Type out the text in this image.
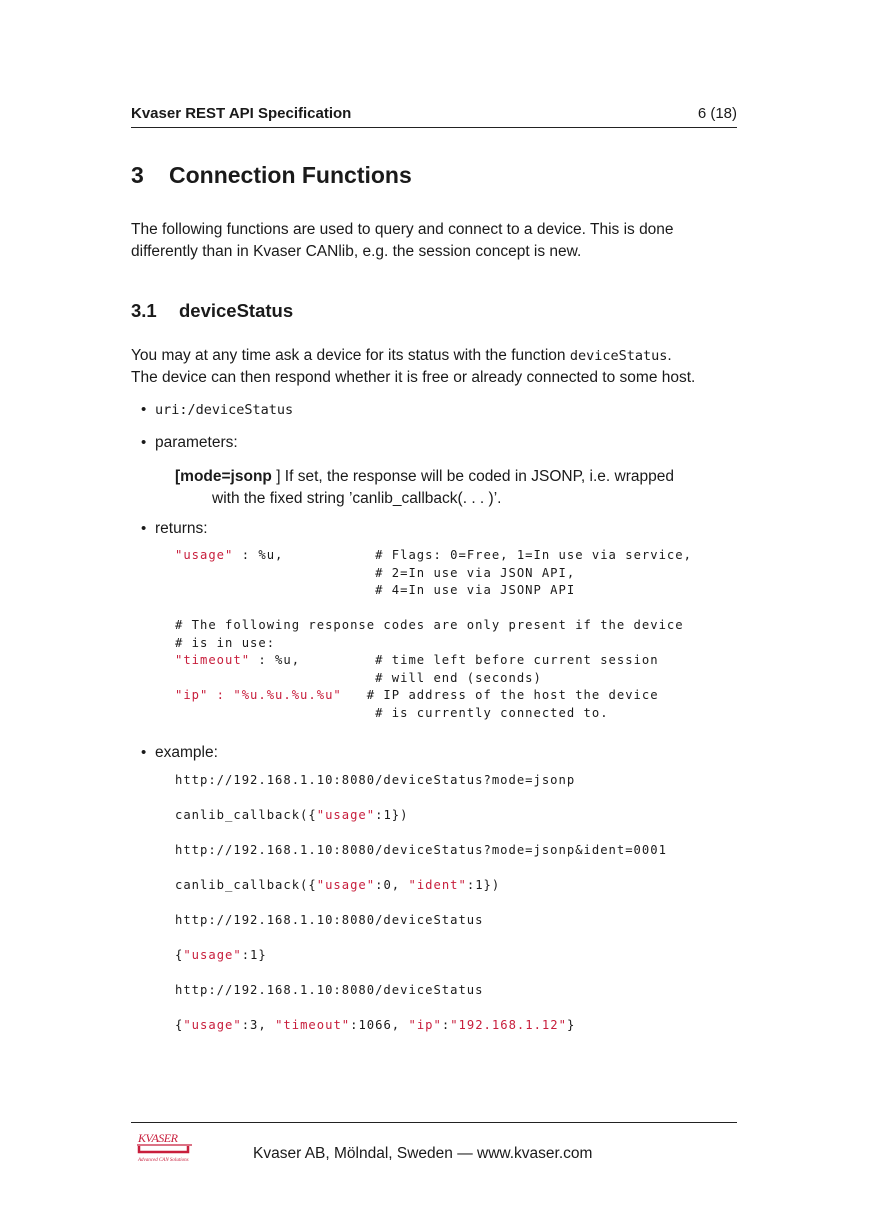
Kvaser REST API Specification	6 (18)
3 Connection Functions
The following functions are used to query and connect to a device. This is done
differently than in Kvaser CANlib, e.g. the session concept is new.
3.1 deviceStatus
You may at any time ask a device for its status with the function deviceStatus.
The device can then respond whether it is free or already connected to some host.
• uri:/deviceStatus
• parameters:
[mode=jsonp ] If set, the response will be coded in JSONP, i.e. wrapped
with the fixed string ’canlib_callback(. . . )’.
• returns:
"usage" : %u,           # Flags: 0=Free, 1=In use via service,
# 2=In use via JSON API,
# 4=In use via JSONP API

# The following response codes are only present if the device
# is in use:
"timeout" : %u,         # time left before current session
# will end (seconds)
"ip" : "%u.%u.%u.%u"   # IP address of the host the device
# is currently connected to.
• example:
http://192.168.1.10:8080/deviceStatus?mode=jsonp
canlib_callback({"usage":1})
http://192.168.1.10:8080/deviceStatus?mode=jsonp&ident=0001
canlib_callback({"usage":0, "ident":1})
http://192.168.1.10:8080/deviceStatus
{"usage":1}
http://192.168.1.10:8080/deviceStatus
{"usage":3, "timeout":1066, "ip":"192.168.1.12"}
KVASER
Advanced CAN Solutions	Kvaser AB, Mölndal, Sweden — www.kvaser.com
